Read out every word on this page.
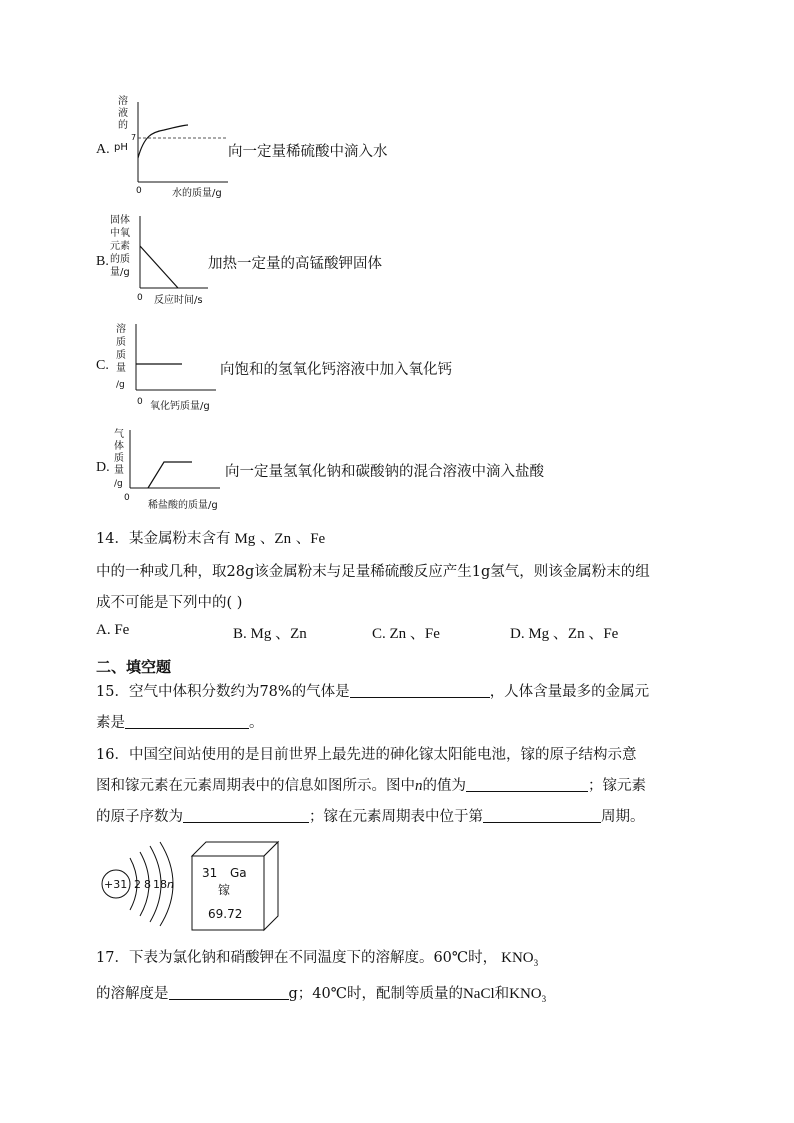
A.
溶
液
的
pH
7
0	水的质量/g
向一定量稀硫酸中滴入水
B.
固体
中氧
元素
的质
量/g
0 反应时间/s
加热一定量的高锰酸钾固体
C.
溶
质
质
量
/g
0 氧化钙质量/g
向饱和的氢氧化钙溶液中加入氧化钙
D.
气
体
质
量
/g
0
稀盐酸的质量/g
向一定量氢氧化钠和碳酸钠的混合溶液中滴入盐酸
14．某金属粉末含有 Mg 、Zn 、Fe
中的一种或几种，取28g该金属粉末与足量稀硫酸反应产生1g氢气，则该金属粉末的组
成不可能是下列中的( )
A. Fe	B. Mg 、Zn	C. Zn 、Fe	D. Mg 、Zn 、Fe
二、填空题
15．空气中体积分数约为78%的气体是	，人体含量最多的金属元
素是	。
16．中国空间站使用的是目前世界上最先进的砷化镓太阳能电池，镓的原子结构示意
图和镓元素在元素周期表中的信息如图所示。图中n的值为	；镓元素
的原子序数为	；镓在元素周期表中位于第	周期。
+31 2 8 18 n
31 Ga
镓
69.72
17．下表为氯化钠和硝酸钾在不同温度下的溶解度。60℃时， $KNO_3$
的溶解度是	g；40℃时，配制等质量的NaCl和$KNO_3$
